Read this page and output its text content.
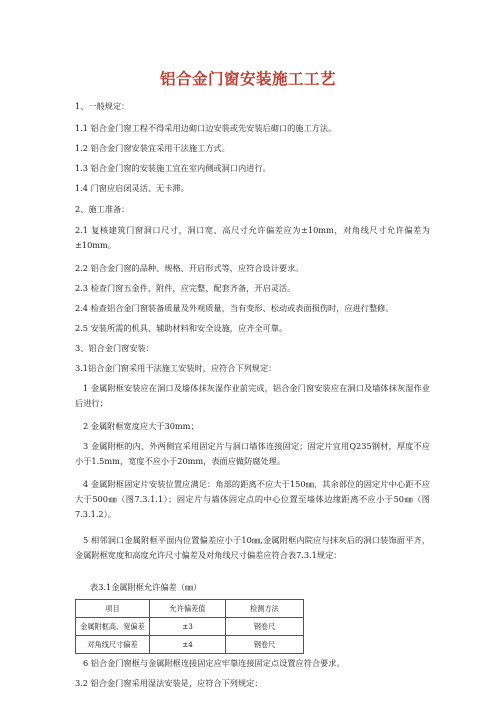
铝合金门窗安装施工工艺
1、一般规定：
1.1 铝合金门窗工程不得采用边砌口边安装或先安装后砌口的施工方法。
1.2 铝合金门窗安装宜采用干法施工方式。
1.3 铝合金门窗的安装施工宜在室内侧或洞口内进行。
1.4 门窗应启闭灵活、无卡滞。
2、施工准备：
2.1 复核建筑门窗洞口尺寸，洞口宽、高尺寸允许偏差应为±10mm，对角线尺寸允许偏差为±10mm。
2.2 铝合金门窗的品种、规格、开启形式等，应符合设计要求。
2.3 检查门窗五金件，附件，应完整、配套齐备，开启灵活。
2.4 检查铝合金门窗装备质量及外观质量，当有变形、松动或表面损伤时，应进行整修。
2.5 安装所需的机具、辅助材料和安全设施，应齐全可靠。
3、铝合金门窗安装：
3.1铝合金门窗采用干法施工安装时，应符合下列规定：
1 金属附框安装应在洞口及墙体抹灰湿作业前完成，铝合金门窗安装应在洞口及墙体抹灰湿作业后进行；
2 金属附框宽度应大于30mm；
3 金属附框的内、外两侧宜采用固定片与洞口墙体连接固定；固定片宜用Q235钢材，厚度不应小于1.5mm，宽度不应小于20mm，表面应做防腐处理。
4 金属附框固定片安装位置应满足：角部的距离不应大于150㎜，其余部位的固定片中心距不应大于500㎜（图7.3.1.1）；固定片与墙体固定点的中心位置至墙体边缘距离不应小于50㎜（图7.3.1.2）。
5 相邻洞口金属附框平面内位置偏差应小于10㎜,金属附框内院应与抹灰后的洞口装饰面平齐，金属附框宽度和高度允许尺寸偏差及对角线尺寸偏差应符合表7.3.1规定：
表3.1金属附框允许偏差（㎜）
项目	允许偏差值	检测方法
金属附框高、宽偏差	±3	钢卷尺
对角线尺寸偏差	±4	钢卷尺
6 铝合金门窗框与金属附框连接固定应牢靠连接固定点设置应符合要求。
3.2 铝合金门窗采用湿法安装是，应符合下列规定：
